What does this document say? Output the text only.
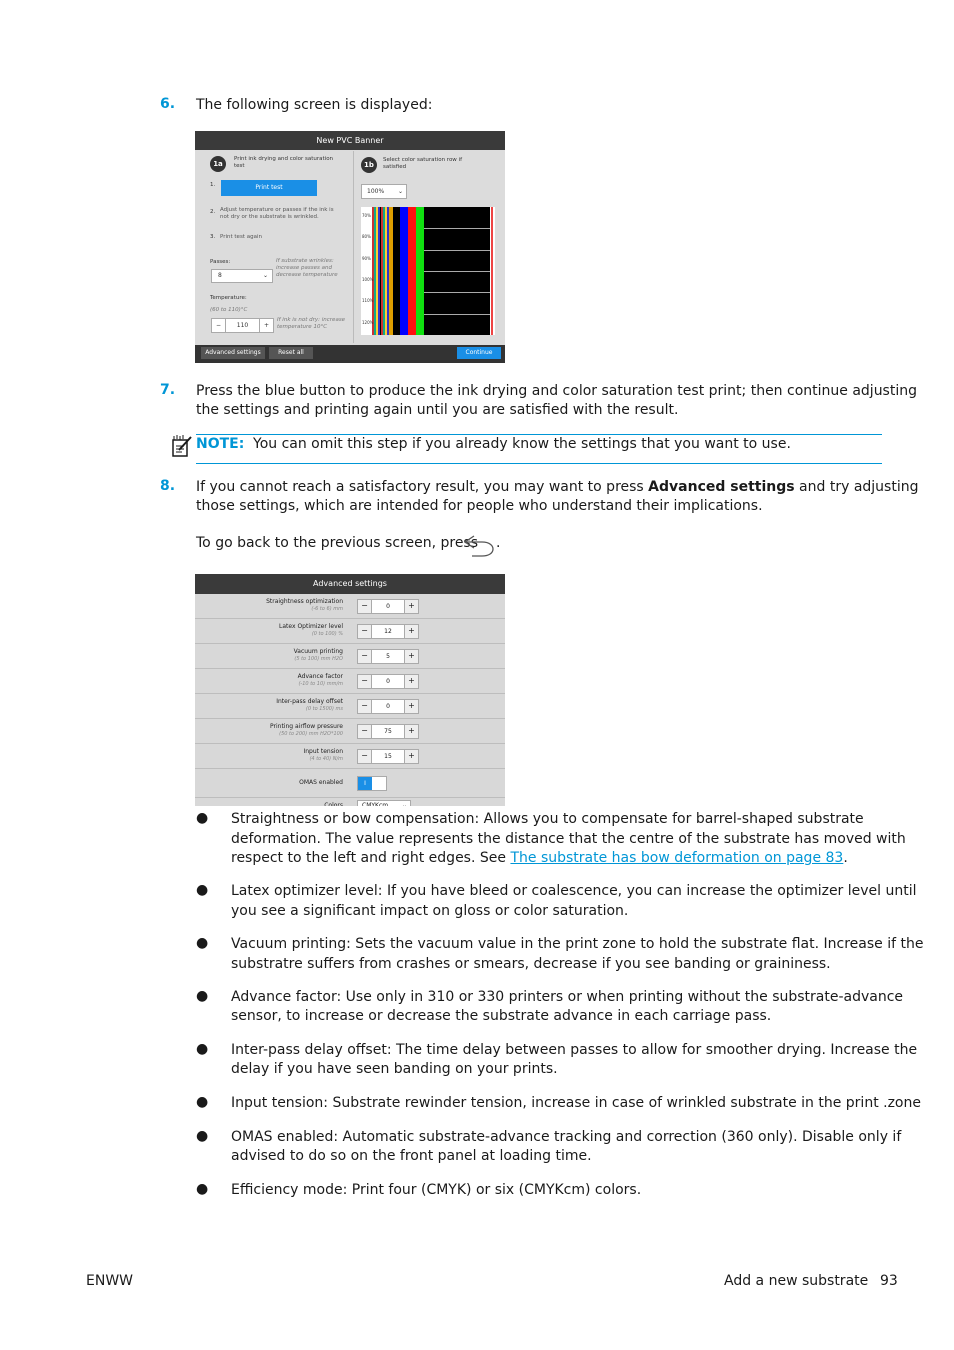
6. The following screen is displayed:
New PVC Banner
1a
Print ink drying and color saturation test
1.	Print test
2. Adjust temperature or passes if the ink is not dry or the substrate is wrinkled.
3. Print test again
Passes:
8	⌄
If substrate wrinkles: increase passes and decrease temperature
Temperature:
(60 to 110)°C
−	110	+
If ink is not dry: increase temperature 10°C
1b
Select color saturation row if satisfied
100% ⌄
70%
80%
90%
100%
110%
120%
Advanced settings	Reset all	Continue
7. Press the blue button to produce the ink drying and color saturation test print; then continue adjusting
the settings and printing again until you are satisfied with the result.
NOTE: You can omit this step if you already know the settings that you want to use.
8. If you cannot reach a satisfactory result, you may want to press Advanced settings and try adjusting
those settings, which are intended for people who understand their implications.
To go back to the previous screen, press .
Advanced settings
Straightness optimization
(-6 to 6) mm	−	0	+
Latex Optimizer level
(0 to 100) %	−	12	+
Vacuum printing
(5 to 100) mm H2O	−	5	+
Advance factor
(-10 to 10) mm/m	−	0	+
Inter-pass delay offset
(0 to 1500) ms	−	0	+
Printing airflow pressure
(50 to 200) mm H2O*100	−	75	+
Input tension
(4 to 40) N/m	−	15	+
OMAS enabled	I
Colors	CMYKcm ⌄
● Straightness or bow compensation: Allows you to compensate for barrel-shaped substrate
deformation. The value represents the distance that the centre of the substrate has moved with
respect to the left and right edges. See The substrate has bow deformation on page 83.
● Latex optimizer level: If you have bleed or coalescence, you can increase the optimizer level until
you see a significant impact on gloss or color saturation.
● Vacuum printing: Sets the vacuum value in the print zone to hold the substrate flat. Increase if the
substratre suffers from crashes or smears, decrease if you see banding or graininess.
● Advance factor: Use only in 310 or 330 printers or when printing without the substrate-advance
sensor, to increase or decrease the substrate advance in each carriage pass.
● Inter-pass delay offset: The time delay between passes to allow for smoother drying. Increase the
delay if you have seen banding on your prints.
● Input tension: Substrate rewinder tension, increase in case of wrinkled substrate in the print .zone
● OMAS enabled: Automatic substrate-advance tracking and correction (360 only). Disable only if
advised to do so on the front panel at loading time.
● Efficiency mode: Print four (CMYK) or six (CMYKcm) colors.
ENWW	Add a new substrate 93
